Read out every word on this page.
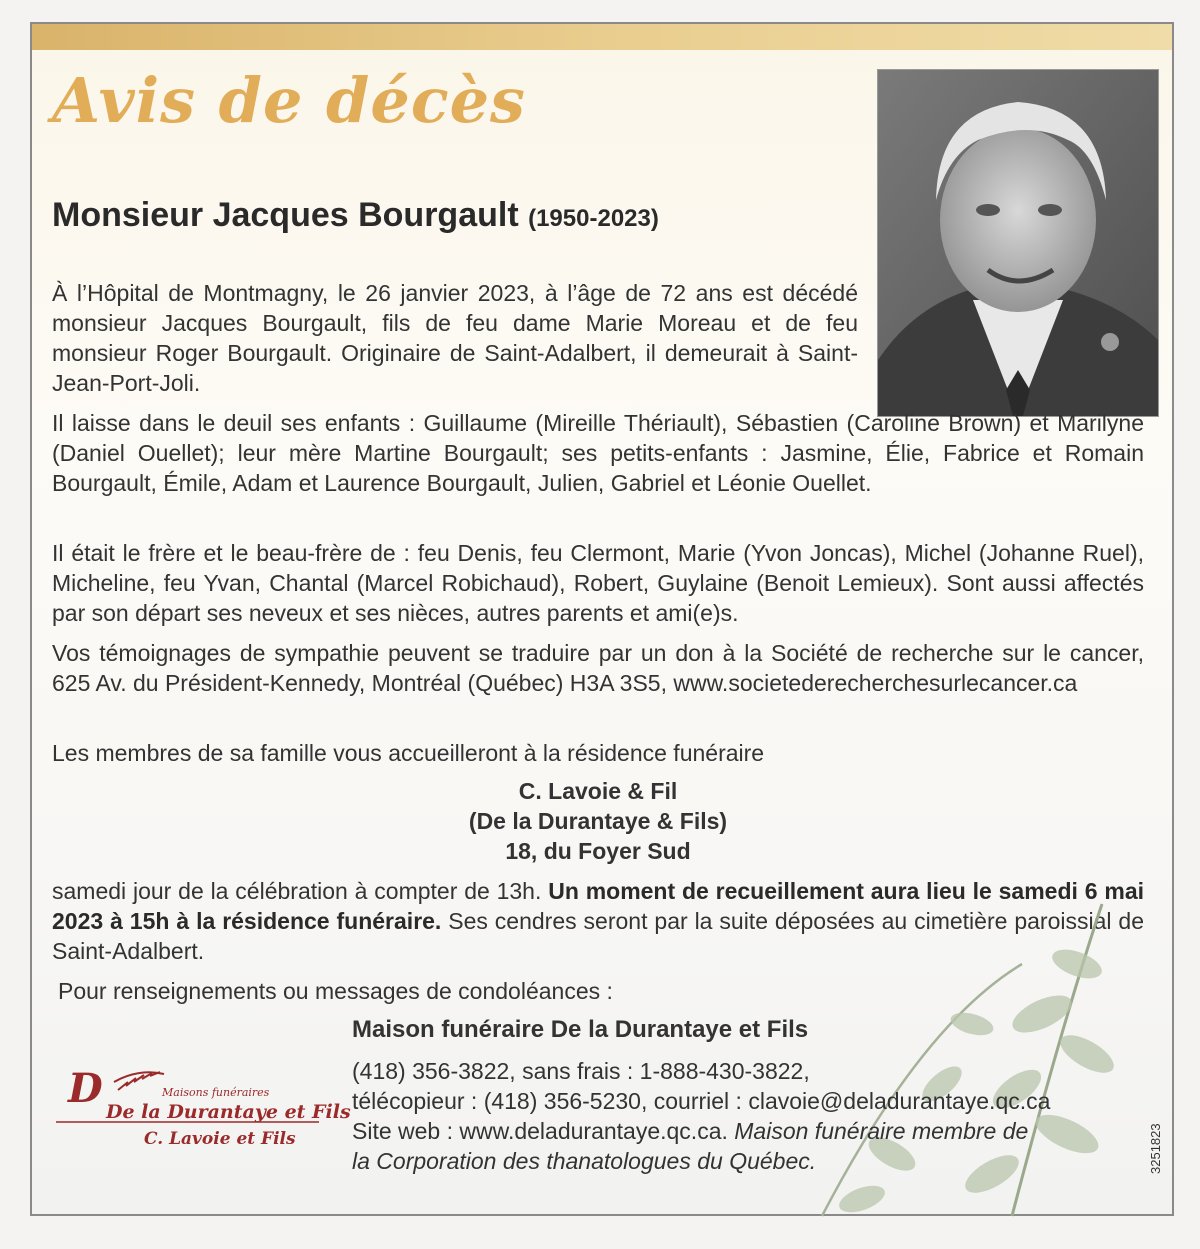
Avis de décès
Monsieur Jacques Bourgault (1950-2023)
À l’Hôpital de Montmagny, le 26 janvier 2023, à l’âge de 72 ans est décédé monsieur Jacques Bourgault, fils de feu dame Marie Moreau et de feu monsieur Roger Bourgault. Originaire de Saint-Adalbert, il demeurait à Saint-Jean-Port-Joli.
Il laisse dans le deuil ses enfants : Guillaume (Mireille Thériault), Sébastien (Caroline Brown) et Marilyne (Daniel Ouellet); leur mère Martine Bourgault; ses petits-enfants : Jasmine, Élie, Fabrice et Romain Bourgault, Émile, Adam et Laurence Bourgault, Julien, Gabriel et Léonie Ouellet.
Il était le frère et le beau-frère de : feu Denis, feu Clermont, Marie (Yvon Joncas), Michel (Johanne Ruel), Micheline, feu Yvan, Chantal (Marcel Robichaud), Robert, Guylaine (Benoit Lemieux). Sont aussi affectés par son départ ses neveux et ses nièces, autres parents et ami(e)s.
Vos témoignages de sympathie peuvent se traduire par un don à la Société de recherche sur le cancer, 625 Av. du Président-Kennedy, Montréal (Québec) H3A 3S5, www.societederecherchesurlecancer.ca
Les membres de sa famille vous accueilleront à la résidence funéraire
C. Lavoie & Fil
(De la Durantaye & Fils)
18, du Foyer Sud
samedi jour de la célébration à compter de 13h. Un moment de recueillement aura lieu le samedi 6 mai 2023 à 15h à la résidence funéraire. Ses cendres seront par la suite déposées au cimetière paroissial de Saint-Adalbert.
Pour renseignements ou messages de condoléances :
Maison funéraire De la Durantaye et Fils
(418) 356-3822, sans frais : 1-888-430-3822,
télécopieur : (418) 356-5230, courriel : clavoie@deladurantaye.qc.ca
Site web : www.deladurantaye.qc.ca. Maison funéraire membre de
la Corporation des thanatologues du Québec.
D	Maisons funéraires
De la Durantaye et Fils
C. Lavoie et Fils	3251823
